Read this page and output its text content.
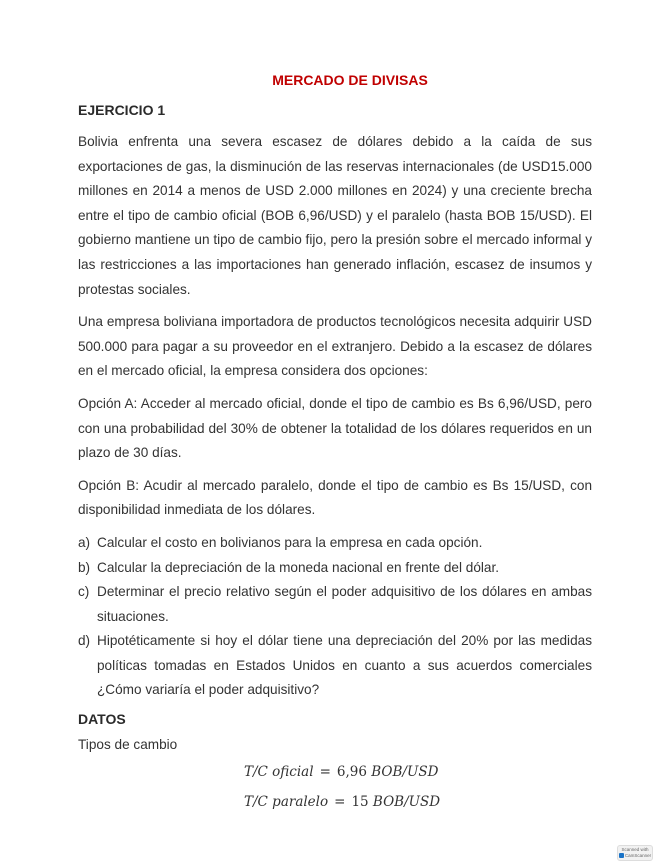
MERCADO DE DIVISAS
EJERCICIO 1

Bolivia enfrenta una severa escasez de dólares debido a la caída de sus exportaciones de gas, la disminución de las reservas internacionales (de USD15.000 millones en 2014 a menos de USD 2.000 millones en 2024) y una creciente brecha entre el tipo de cambio oficial (BOB 6,96/USD) y el paralelo (hasta BOB 15/USD). El gobierno mantiene un tipo de cambio fijo, pero la presión sobre el mercado informal y las restricciones a las importaciones han generado inflación, escasez de insumos y protestas sociales.

Una empresa boliviana importadora de productos tecnológicos necesita adquirir USD 500.000 para pagar a su proveedor en el extranjero. Debido a la escasez de dólares en el mercado oficial, la empresa considera dos opciones:

Opción A: Acceder al mercado oficial, donde el tipo de cambio es Bs 6,96/USD, pero con una probabilidad del 30% de obtener la totalidad de los dólares requeridos en un plazo de 30 días.

Opción B: Acudir al mercado paralelo, donde el tipo de cambio es Bs 15/USD, con disponibilidad inmediata de los dólares.

a) Calcular el costo en bolivianos para la empresa en cada opción.
b) Calcular la depreciación de la moneda nacional en frente del dólar.
c) Determinar el precio relativo según el poder adquisitivo de los dólares en ambas situaciones.
d) Hipotéticamente si hoy el dólar tiene una depreciación del 20% por las medidas políticas tomadas en Estados Unidos en cuanto a sus acuerdos comerciales ¿Cómo variaría el poder adquisitivo?
DATOS
Tipos de cambio
T/C oficial = 6,96 BOB/USD
T/C paralelo = 15 BOB/USD
Scanned with
CamScanner
